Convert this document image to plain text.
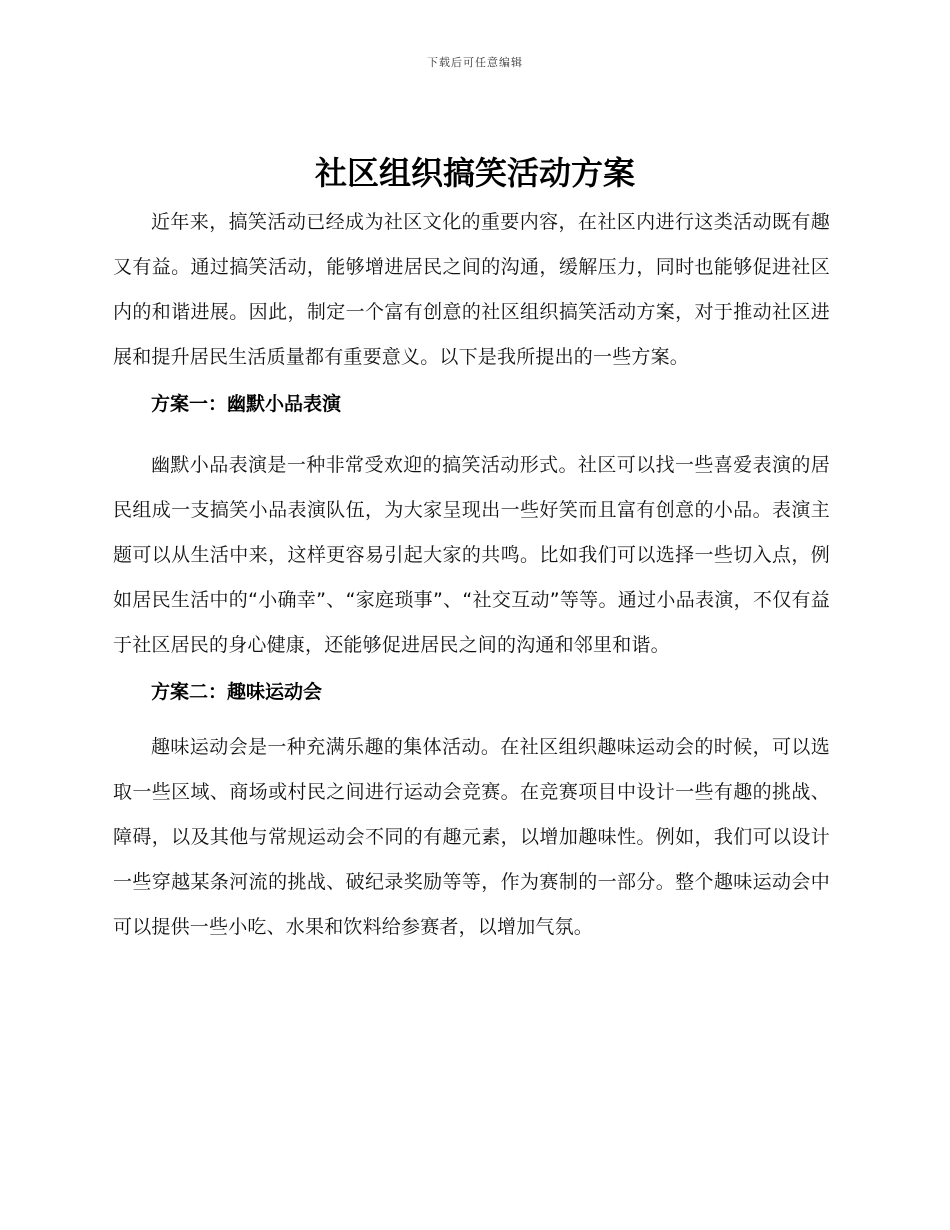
下载后可任意编辑
社区组织搞笑活动方案

近年来，搞笑活动已经成为社区文化的重要内容，在社区内进行这类活动既有趣又有益。通过搞笑活动，能够增进居民之间的沟通，缓解压力，同时也能够促进社区内的和谐进展。因此，制定一个富有创意的社区组织搞笑活动方案，对于推动社区进展和提升居民生活质量都有重要意义。以下是我所提出的一些方案。

方案一：幽默小品表演

幽默小品表演是一种非常受欢迎的搞笑活动形式。社区可以找一些喜爱表演的居民组成一支搞笑小品表演队伍，为大家呈现出一些好笑而且富有创意的小品。表演主题可以从生活中来，这样更容易引起大家的共鸣。比如我们可以选择一些切入点，例如居民生活中的“小确幸”、“家庭琐事”、“社交互动”等等。通过小品表演，不仅有益于社区居民的身心健康，还能够促进居民之间的沟通和邻里和谐。

方案二：趣味运动会

趣味运动会是一种充满乐趣的集体活动。在社区组织趣味运动会的时候，可以选取一些区域、商场或村民之间进行运动会竞赛。在竞赛项目中设计一些有趣的挑战、障碍，以及其他与常规运动会不同的有趣元素，以增加趣味性。例如，我们可以设计一些穿越某条河流的挑战、破纪录奖励等等，作为赛制的一部分。整个趣味运动会中可以提供一些小吃、水果和饮料给参赛者，以增加气氛。
